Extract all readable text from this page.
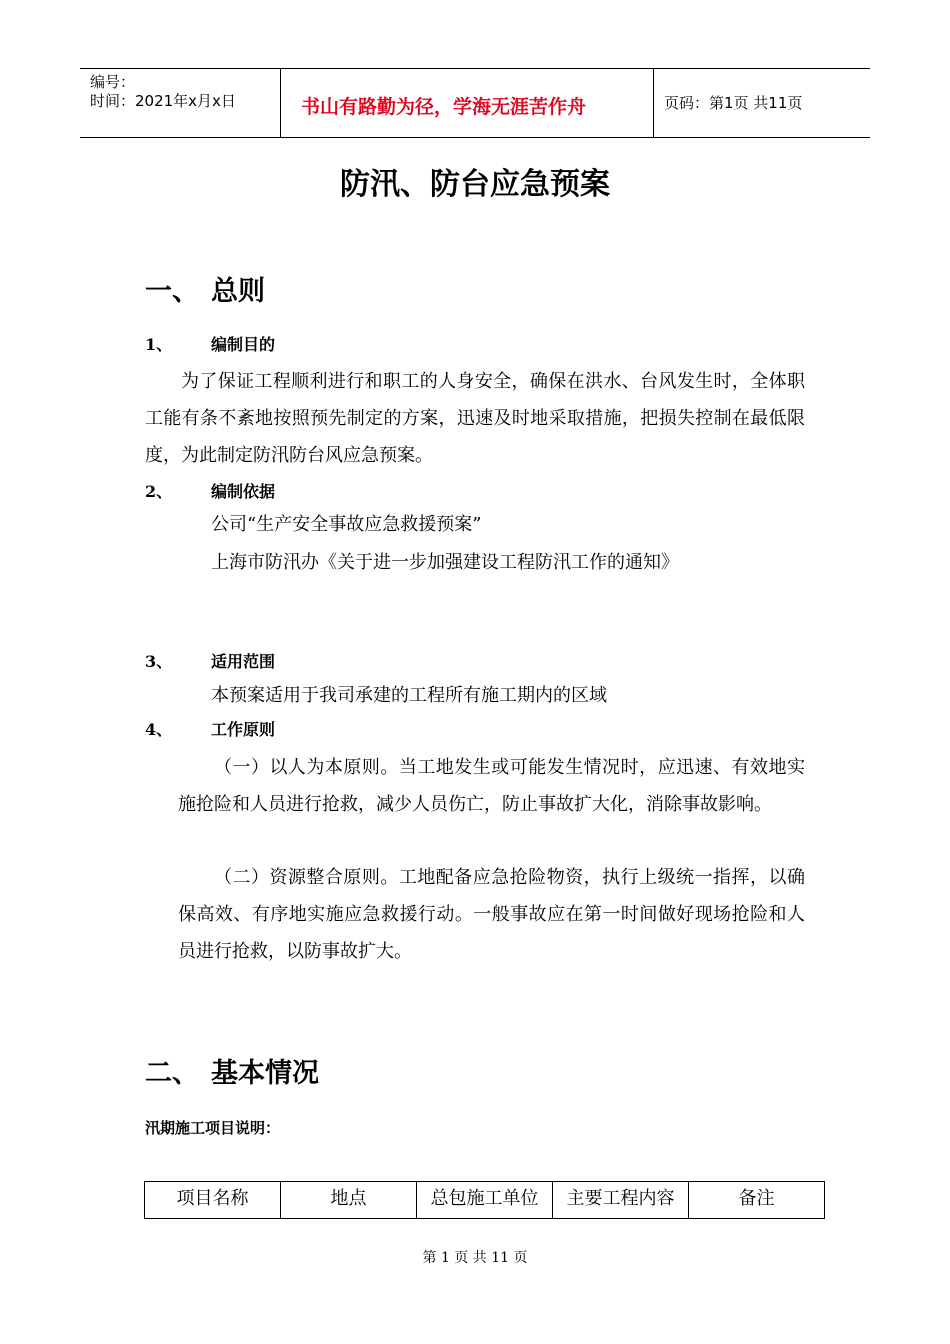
编号：
时间：2021年x月x日	书山有路勤为径，学海无涯苦作舟	页码：第1页 共11页
防汛、防台应急预案
一、 总则
1、 编制目的
为了保证工程顺利进行和职工的人身安全，确保在洪水、台风发生时，全体职工能有条不紊地按照预先制定的方案，迅速及时地采取措施，把损失控制在最低限度，为此制定防汛防台风应急预案。
2、 编制依据
公司“生产安全事故应急救援预案”
上海市防汛办《关于进一步加强建设工程防汛工作的通知》
3、 适用范围
本预案适用于我司承建的工程所有施工期内的区域
4、 工作原则
（一）以人为本原则。当工地发生或可能发生情况时，应迅速、有效地实施抢险和人员进行抢救，减少人员伤亡，防止事故扩大化，消除事故影响。
（二）资源整合原则。工地配备应急抢险物资，执行上级统一指挥，以确保高效、有序地实施应急救援行动。一般事故应在第一时间做好现场抢险和人员进行抢救，以防事故扩大。
二、 基本情况
汛期施工项目说明：
项目名称	地点	总包施工单位	主要工程内容	备注
第 1 页 共 11 页
